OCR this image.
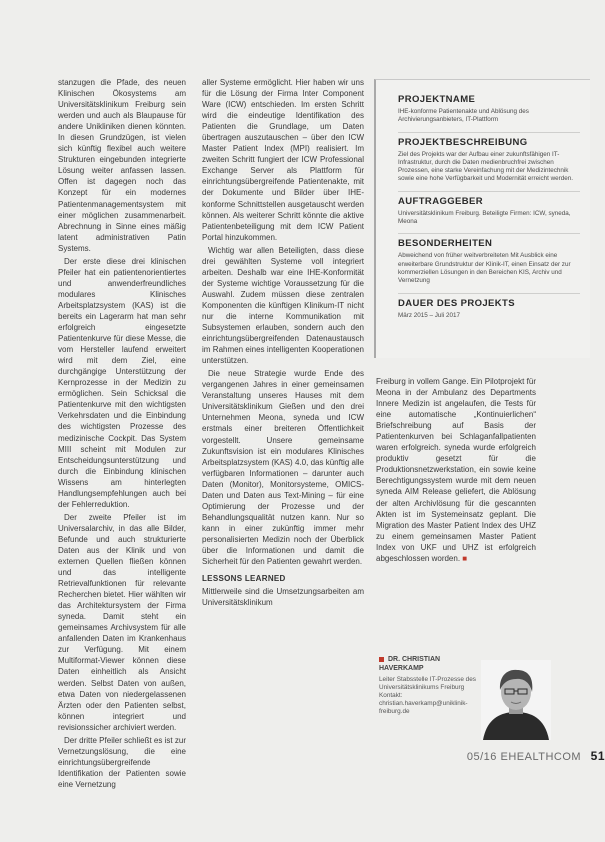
stanzugen die Pfade, des neuen Klinischen Ökosystems am Universitätsklinikum Freiburg sein werden und auch als Blaupause für andere Unikliniken dienen könnten. In diesen Grundzügen, ist vielen sich künftig flexibel auch weitere Strukturen eingebunden integrierte Lösung weiter anfassen lassen. Offen ist dagegen noch das Konzept für ein modernes Patientenmanagementsystem mit einer möglichen zusammenarbeit. Abrechnung in Sinne eines mäßig latent administrativen Patin Systems.

Der erste diese drei klinischen Pfeiler hat ein patientenorientiertes und anwenderfreundliches modulares Klinisches Arbeitsplatzsystem (KAS) ist die bereits ein Lagerarm hat man sehr erfolgreich eingesetzte Patientenkurve für diese Messe, die vom Hersteller laufend erweitert wird mit dem Ziel, eine durchgängige Unterstützung der Kernprozesse in der Medizin zu ermöglichen. Sein Schicksal die Patientenkurve mit den wichtigsten Verkehrsdaten und die Einbindung des wichtigsten Prozesse des medizinische Cockpit. Das System MIII scheint mit Modulen zur Entscheidungsunterstützung und durch die Einbindung klinischen Wissens am hinterlegten Handlungsempfehlungen auch bei der Fehlerreduktion.

Der zweite Pfeiler ist im Universalarchiv, in das alle Bilder, Befunde und auch strukturierte Daten aus der Klinik und von externen Quellen fließen können und das intelligente Retrievalfunktionen für relevante Recherchen bietet. Hier wählten wir das Architektursystem der Firma syneda. Damit steht ein gemeinsames Archivsystem für alle anfallenden Daten im Krankenhaus zur Verfügung. Mit einem Multiformat-Viewer können diese Daten einheitlich als Ansicht werden. Selbst Daten von außen, etwa Daten von niedergelassenen Ärzten oder den Patienten selbst, können integriert und revisionssicher archiviert werden.

Der dritte Pfeiler schließt es ist zur Vernetzungslösung, die eine einrichtungsübergreifende Identifikation der Patienten sowie eine Vernetzung

aller Systeme ermöglicht. Hier haben wir uns für die Lösung der Firma Inter Component Ware (ICW) entschieden. Im ersten Schritt wird die eindeutige Identifikation des Patienten die Grundlage, um Daten übertragen auszutauschen – über den ICW Master Patient Index (MPI) realisiert. Im zweiten Schritt fungiert der ICW Professional Exchange Server als Plattform für einrichtungsübergreifende Patientenakte, mit der Dokumente und Bilder über IHE-konforme Schnittstellen ausgetauscht werden können. Als weiterer Schritt könnte die aktive Patientenbeteiligung mit dem ICW Patient Portal hinzukommen.

Wichtig war allen Beteiligten, dass diese drei gewählten Systeme voll integriert arbeiten. Deshalb war eine IHE-Konformität der Systeme wichtige Voraussetzung für die Auswahl. Zudem müssen diese zentralen Komponenten die künftigen Klinikum-IT nicht nur die interne Kommunikation mit Subsystemen erlauben, sondern auch den einrichtungsübergreifenden Datenaustausch im Rahmen eines intelligenten Kooperationen unterstützen.

Die neue Strategie wurde Ende des vergangenen Jahres in einer gemeinsamen Veranstaltung unseres Hauses mit dem Universitätsklinikum Gießen und den drei Unternehmen Meona, syneda und ICW erstmals einer breiteren Öffentlichkeit vorgestellt. Unsere gemeinsame Zukunftsvision ist ein modulares Klinisches Arbeitsplatzsystem (KAS) 4.0, das künftig alle verfügbaren Informationen – darunter auch Daten (Monitor), Monitorsysteme, OMICS-Daten und Daten aus Text-Mining – für eine Optimierung der Prozesse und der Behandlungsqualität nutzen kann. Nur so kann in einer zukünftig immer mehr personalisierten Medizin noch der Überblick über die Informationen und damit die Sicherheit für den Patienten gewahrt werden.

LESSONS LEARNED

Mittlerweile sind die Umsetzungsarbeiten am Universitätsklinikum

PROJEKTNAME
IHE-konforme Patientenakte und Ablösung des Archivierungsanbieters, IT-Plattform
PROJEKTBESCHREIBUNG
Ziel des Projekts war der Aufbau einer zukunftsfähigen IT-Infrastruktur, durch die Daten medienbruchfrei zwischen Prozessen, eine starke Vereinfachung mit der Medizintechnik sowie eine hohe Verfügbarkeit und Modernität erreicht werden.
AUFTRAGGEBER
Universitätsklinikum Freiburg. Beteiligte Firmen: ICW, syneda, Meona
BESONDERHEITEN
Abweichend von früher weitverbreiteten Mit Ausblick eine erweiterbare Grundstruktur der Klinik-IT, einen Einsatz der zur kommerziellen Lösungen in den Bereichen KIS, Archiv und Vernetzung
DAUER DES PROJEKTS
März 2015 – Juli 2017

Freiburg in vollem Gange. Ein Pilotprojekt für Meona in der Ambulanz des Departments Innere Medizin ist angelaufen, die Tests für eine automatische „Kontinuierlichen“ Briefschreibung auf Basis der Patientenkurven bei Schlaganfallpatienten waren erfolgreich. syneda wurde erfolgreich produktiv gesetzt für die Produktionsnetzwerkstation, ein sowie keine Berechtigungssystem wurde mit dem neuen syneda AIM Release geliefert, die Ablösung der alten Archivlösung für die gescannten Akten ist im Systemeinsatz geplant. Die Migration des Master Patient Index des UHZ zu einem gemeinsamen Master Patient Index von UKF und UHZ ist erfolgreich abgeschlossen worden. ■

DR. CHRISTIAN HAVERKAMP
Leiter Stabsstelle IT-Prozesse des Universitätsklinikums Freiburg Kontakt: christian.haverkamp@uniklinik-freiburg.de
05/16 EHEALTHCOM 51
